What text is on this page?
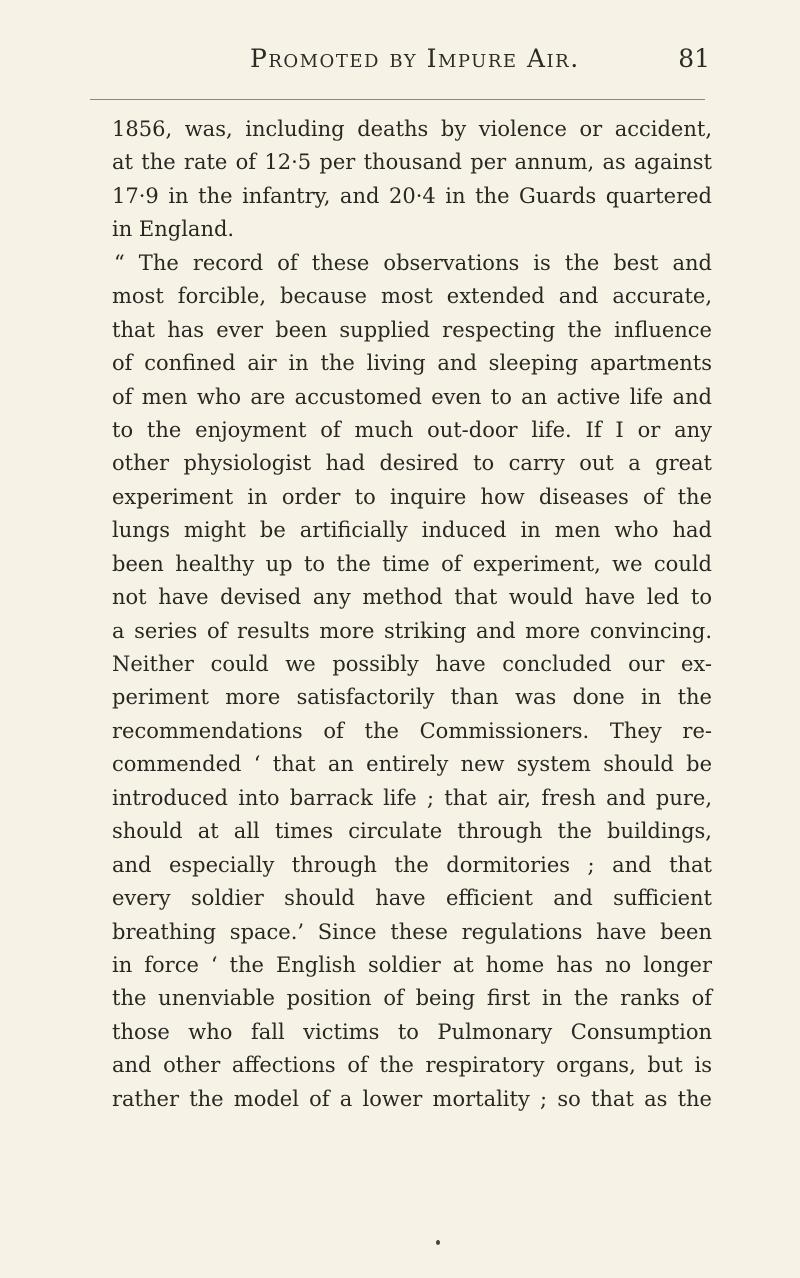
Promoted by Impure Air.	81
1856, was, including deaths by violence or accident,
at the rate of 12·5 per thousand per annum, as against
17·9 in the infantry, and 20·4 in the Guards quartered
in England.
“ The record of these observations is the best and
most forcible, because most extended and accurate,
that has ever been supplied respecting the influence
of confined air in the living and sleeping apartments
of men who are accustomed even to an active life and
to the enjoyment of much out-door life. If I or any
other physiologist had desired to carry out a great
experiment in order to inquire how diseases of the
lungs might be artificially induced in men who had
been healthy up to the time of experiment, we could
not have devised any method that would have led to
a series of results more striking and more convincing.
Neither could we possibly have concluded our ex-
periment more satisfactorily than was done in the
recommendations of the Commissioners. They re-
commended ‘ that an entirely new system should be
introduced into barrack life ; that air, fresh and pure,
should at all times circulate through the buildings,
and especially through the dormitories ; and that
every soldier should have efficient and sufficient
breathing space.’ Since these regulations have been
in force ‘ the English soldier at home has no longer
the unenviable position of being first in the ranks of
those who fall victims to Pulmonary Consumption
and other affections of the respiratory organs, but is
rather the model of a lower mortality ; so that as the
